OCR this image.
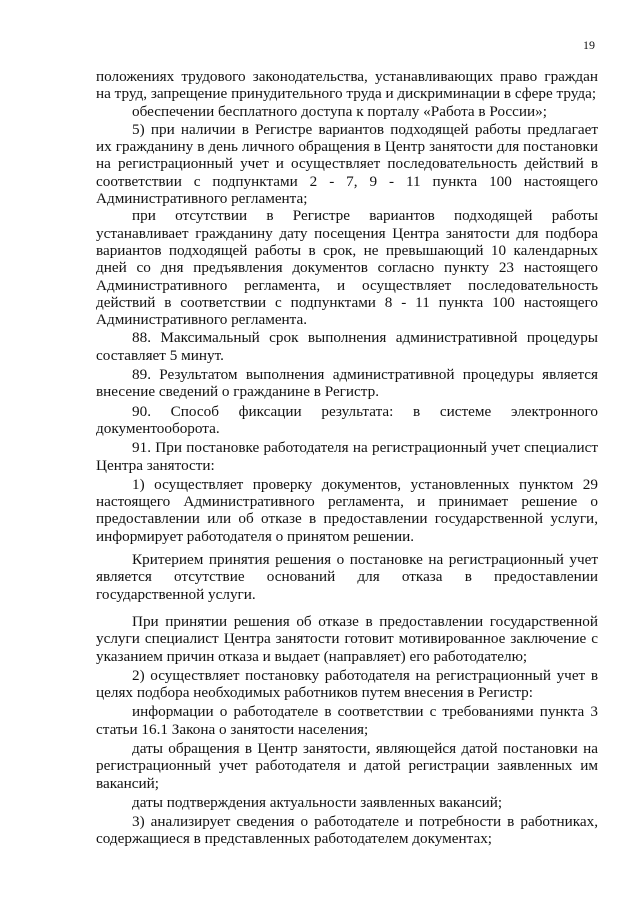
19

положениях трудового законодательства, устанавливающих право граждан на труд, запрещение принудительного труда и дискриминации в сфере труда;

обеспечении бесплатного доступа к порталу «Работа в России»;

5) при наличии в Регистре вариантов подходящей работы предлагает их гражданину в день личного обращения в Центр занятости для постановки на регистрационный учет и осуществляет последовательность действий в соответствии с подпунктами 2 - 7, 9 - 11 пункта 100 настоящего Административного регламента;

при отсутствии в Регистре вариантов подходящей работы устанавливает гражданину дату посещения Центра занятости для подбора вариантов подходящей работы в срок, не превышающий 10 календарных дней со дня предъявления документов согласно пункту 23 настоящего Административного регламента, и осуществляет последовательность действий в соответствии с подпунктами 8 - 11 пункта 100 настоящего Административного регламента.

88. Максимальный срок выполнения административной процедуры составляет 5 минут.

89. Результатом выполнения административной процедуры является внесение сведений о гражданине в Регистр.

90. Способ фиксации результата: в системе электронного документооборота.

91. При постановке работодателя на регистрационный учет специалист Центра занятости:

1) осуществляет проверку документов, установленных пунктом 29 настоящего Административного регламента, и принимает решение о предоставлении или об отказе в предоставлении государственной услуги, информирует работодателя о принятом решении.

Критерием принятия решения о постановке на регистрационный учет является отсутствие оснований для отказа в предоставлении государственной услуги.

При принятии решения об отказе в предоставлении государственной услуги специалист Центра занятости готовит мотивированное заключение с указанием причин отказа и выдает (направляет) его работодателю;

2) осуществляет постановку работодателя на регистрационный учет в целях подбора необходимых работников путем внесения в Регистр:

информации о работодателе в соответствии с требованиями пункта 3 статьи 16.1 Закона о занятости населения;

даты обращения в Центр занятости, являющейся датой постановки на регистрационный учет работодателя и датой регистрации заявленных им вакансий;

даты подтверждения актуальности заявленных вакансий;

3) анализирует сведения о работодателе и потребности в работниках, содержащиеся в представленных работодателем документах;
